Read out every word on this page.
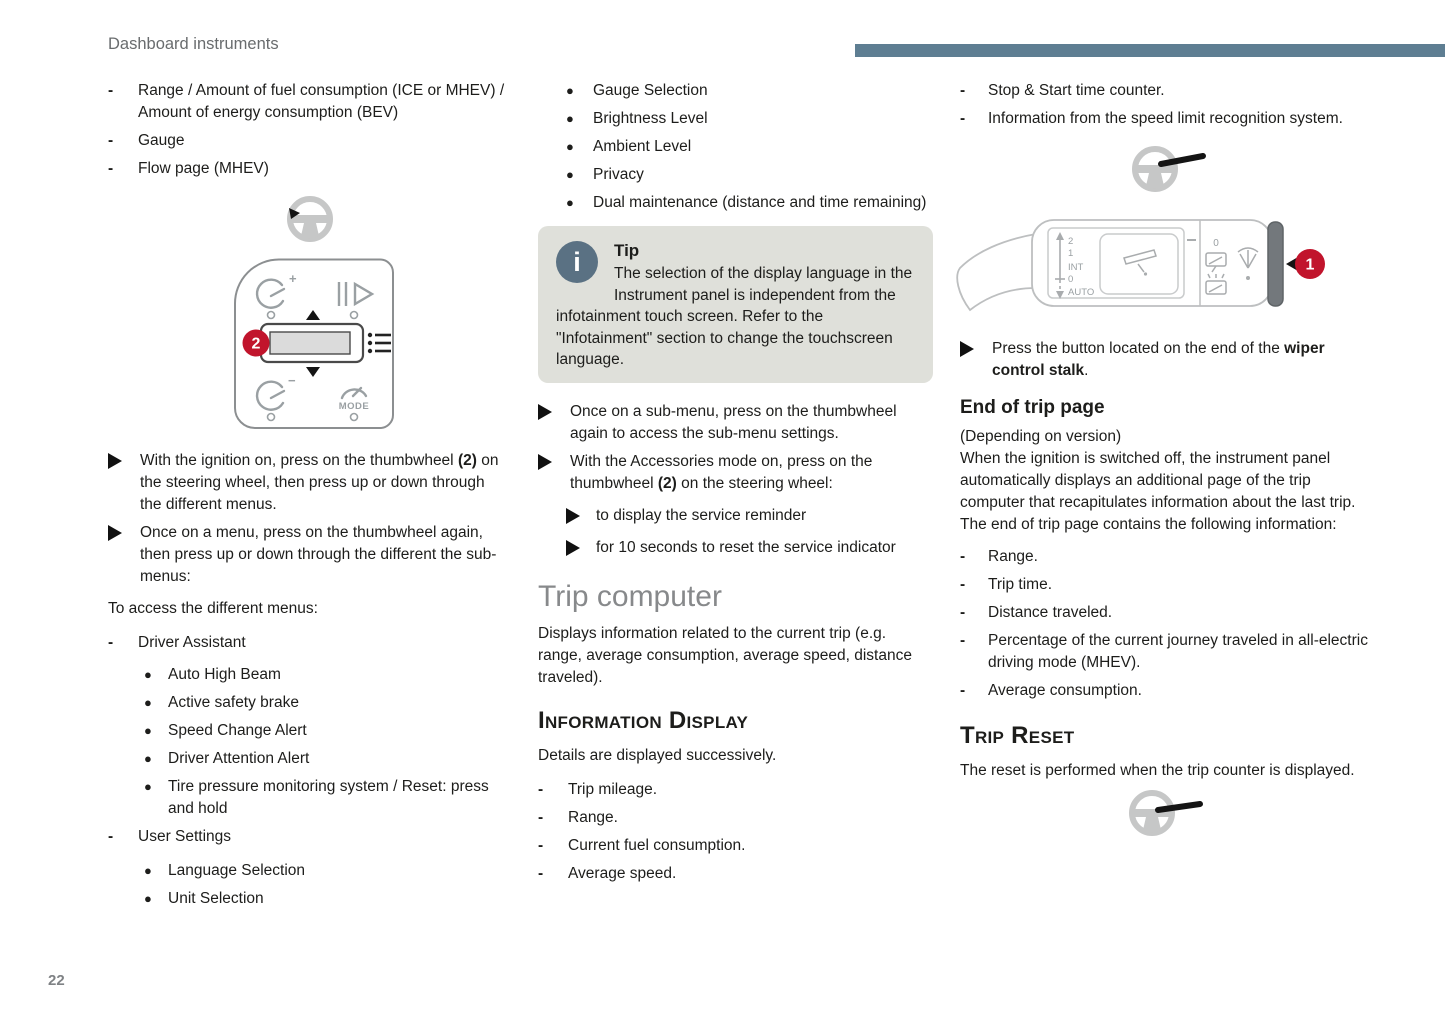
Dashboard instruments
-	Range / Amount of fuel consumption (ICE or MHEV) / Amount of energy consumption (BEV)
-	Gauge
-	Flow page (MHEV)
+
2
−
MODE
With the ignition on, press on the thumbwheel (2) on the steering wheel, then press up or down through the different menus.
Once on a menu, press on the thumbwheel again, then press up or down through the different the sub-menus:
To access the different menus:
-	Driver Assistant
●	Auto High Beam
●	Active safety brake
●	Speed Change Alert
●	Driver Attention Alert
●	Tire pressure monitoring system / Reset: press and hold
-	User Settings
●	Language Selection
●	Unit Selection
●	Gauge Selection
●	Brightness Level
●	Ambient Level
●	Privacy
●	Dual maintenance (distance and time remaining)
i	Tip
The selection of the display language in the Instrument panel is independent from the infotainment touch screen. Refer to the "Infotainment" section to change the touchscreen language.
Once on a sub-menu, press on the thumbwheel again to access the sub-menu settings.
With the Accessories mode on, press on the thumbwheel (2) on the steering wheel:
to display the service reminder
for 10 seconds to reset the service indicator
Trip computer

Displays information related to the current trip (e.g. range, average consumption, average speed, distance traveled).

Information Display

Details are displayed successively.

-	Trip mileage.
-	Range.
-	Current fuel consumption.
-	Average speed.
-	Stop & Start time counter.
-	Information from the speed limit recognition system.
2
1
INT
0
AUTO
0
1
Press the button located on the end of the wiper control stalk.
End of trip page

(Depending on version)

When the ignition is switched off, the instrument panel automatically displays an additional page of the trip computer that recapitulates information about the last trip. The end of trip page contains the following information:

-	Range.
-	Trip time.
-	Distance traveled.
-	Percentage of the current journey traveled in all-electric driving mode (MHEV).
-	Average consumption.
Trip Reset

The reset is performed when the trip counter is displayed.

22
